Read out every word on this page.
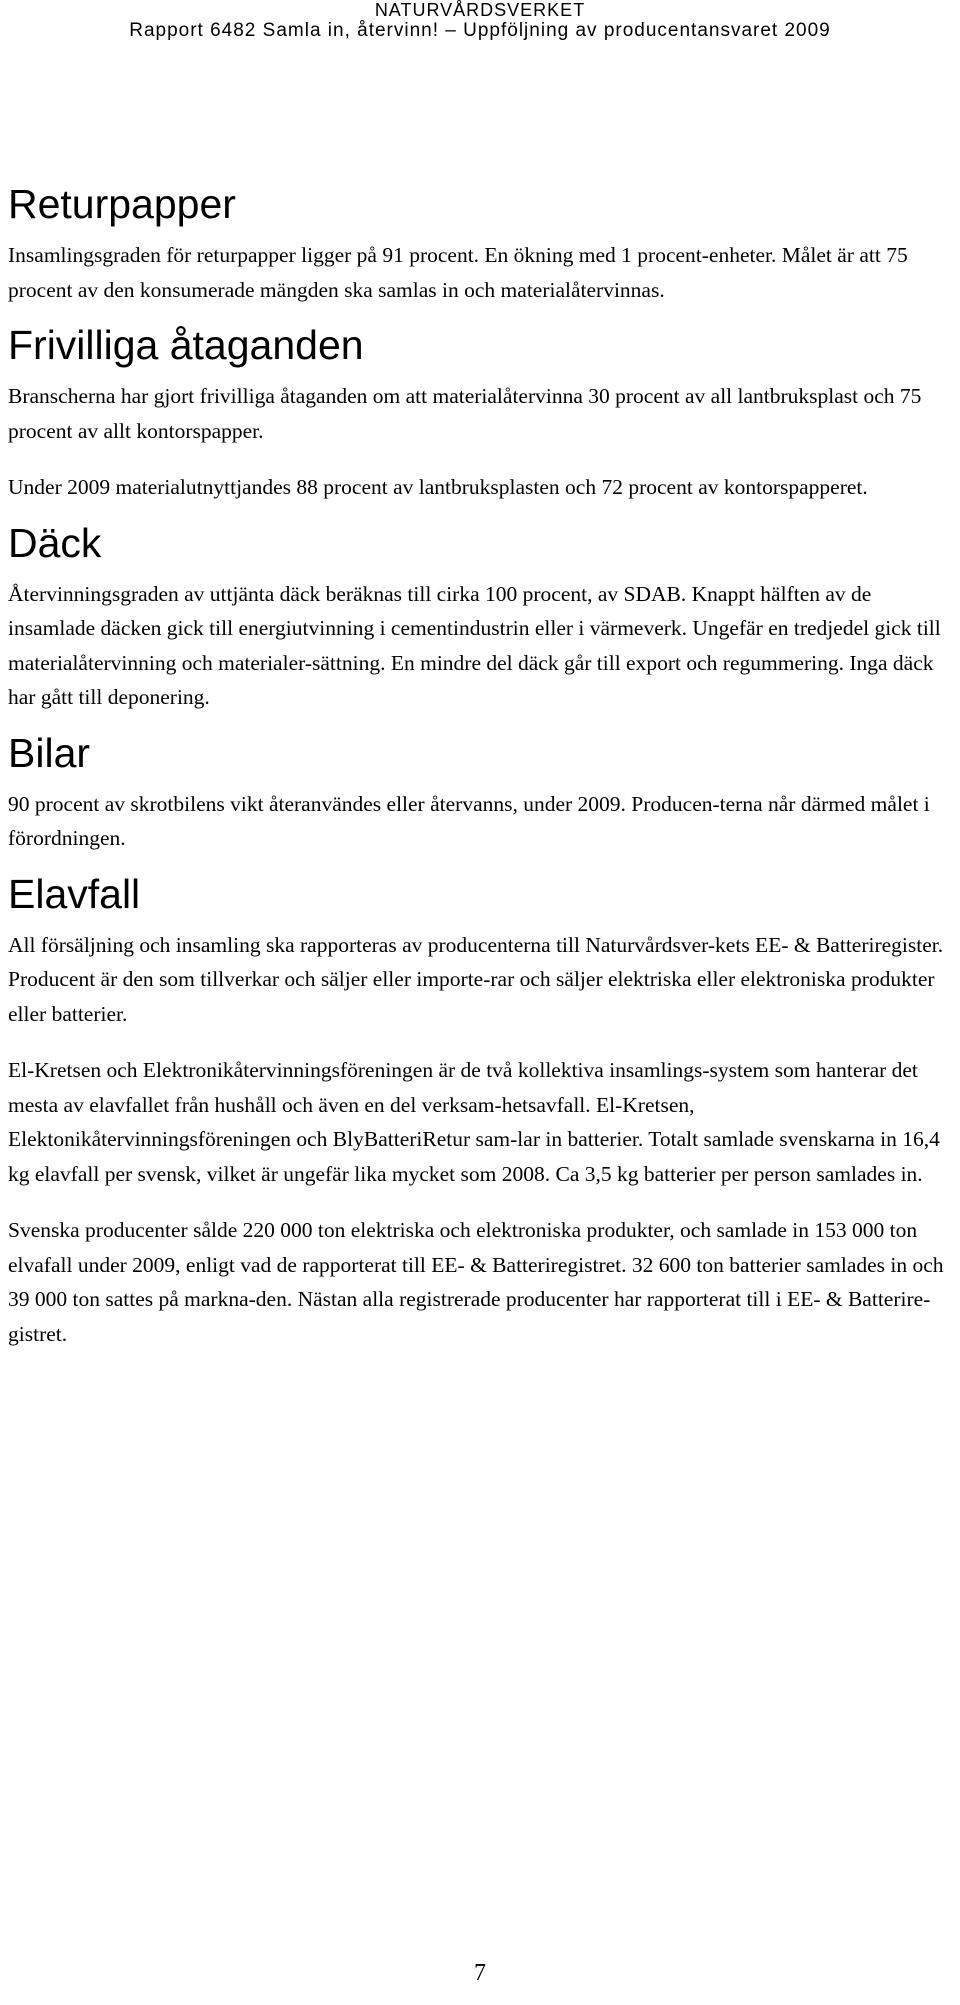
NATURVÅRDSVERKET
Rapport 6482 Samla in, återvinn! – Uppföljning av producentansvaret 2009
Returpapper

Insamlingsgraden för returpapper ligger på 91 procent. En ökning med 1 procent-enheter. Målet är att 75 procent av den konsumerade mängden ska samlas in och materialåtervinnas.

Frivilliga åtaganden

Branscherna har gjort frivilliga åtaganden om att materialåtervinna 30 procent av all lantbruksplast och 75 procent av allt kontorspapper.

Under 2009 materialutnyttjandes 88 procent av lantbruksplasten och 72 procent av kontorspapperet.

Däck

Återvinningsgraden av uttjänta däck beräknas till cirka 100 procent, av SDAB. Knappt hälften av de insamlade däcken gick till energiutvinning i cementindustrin eller i värmeverk. Ungefär en tredjedel gick till materialåtervinning och materialer-sättning. En mindre del däck går till export och regummering. Inga däck har gått till deponering.

Bilar

90 procent av skrotbilens vikt återanvändes eller återvanns, under 2009. Producen-terna når därmed målet i förordningen.

Elavfall

All försäljning och insamling ska rapporteras av producenterna till Naturvårdsver-kets EE- & Batteriregister. Producent är den som tillverkar och säljer eller importe-rar och säljer elektriska eller elektroniska produkter eller batterier.

El-Kretsen och Elektronikåtervinningsföreningen är de två kollektiva insamlings-system som hanterar det mesta av elavfallet från hushåll och även en del verksam-hetsavfall. El-Kretsen, Elektonikåtervinningsföreningen och BlyBatteriRetur sam-lar in batterier. Totalt samlade svenskarna in 16,4 kg elavfall per svensk, vilket är ungefär lika mycket som 2008. Ca 3,5 kg batterier per person samlades in.

Svenska producenter sålde 220 000 ton elektriska och elektroniska produkter, och samlade in 153 000 ton elvafall under 2009, enligt vad de rapporterat till EE- & Batteriregistret. 32 600 ton batterier samlades in och 39 000 ton sattes på markna-den. Nästan alla registrerade producenter har rapporterat till i EE- & Batterire-gistret.

7
